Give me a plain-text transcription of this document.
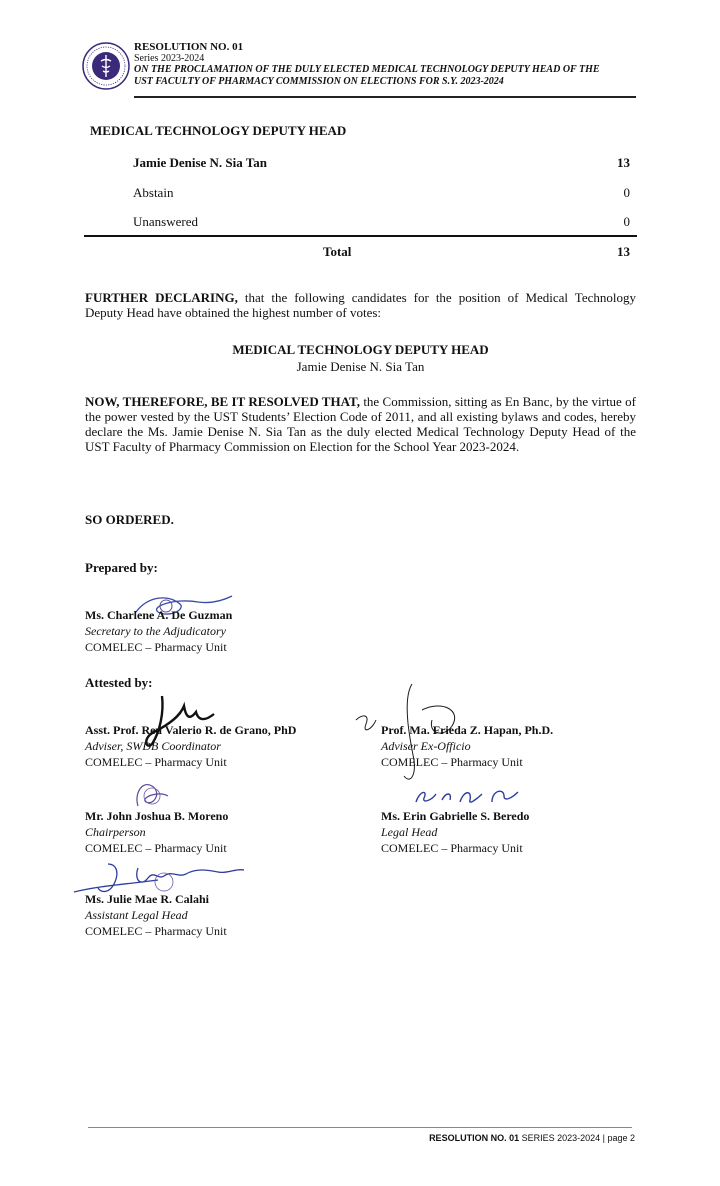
RESOLUTION NO. 01
Series 2023-2024
ON THE PROCLAMATION OF THE DULY ELECTED MEDICAL TECHNOLOGY DEPUTY HEAD OF THE
UST FACULTY OF PHARMACY COMMISSION ON ELECTIONS FOR S.Y. 2023-2024
MEDICAL TECHNOLOGY DEPUTY HEAD
Jamie Denise N. Sia Tan	13
Abstain	0
Unanswered	0
Total	13
FURTHER DECLARING, that the following candidates for the position of Medical Technology Deputy Head have obtained the highest number of votes:
MEDICAL TECHNOLOGY DEPUTY HEAD
Jamie Denise N. Sia Tan
NOW, THEREFORE, BE IT RESOLVED THAT, the Commission, sitting as En Banc, by the virtue of the power vested by the UST Students’ Election Code of 2011, and all existing bylaws and codes, hereby declare the Ms. Jamie Denise N. Sia Tan as the duly elected Medical Technology Deputy Head of the UST Faculty of Pharmacy Commission on Election for the School Year 2023-2024.
SO ORDERED.
Prepared by:
Ms. Charlene A. De Guzman
Secretary to the Adjudicatory
COMELEC – Pharmacy Unit
Attested by:
Asst. Prof. Reu Valerio R. de Grano, PhD
Adviser, SWDB Coordinator
COMELEC – Pharmacy Unit
Prof. Ma. Frieda Z. Hapan, Ph.D.
Adviser Ex-Officio
COMELEC – Pharmacy Unit
Mr. John Joshua B. Moreno
Chairperson
COMELEC – Pharmacy Unit
Ms. Erin Gabrielle S. Beredo
Legal Head
COMELEC – Pharmacy Unit
Ms. Julie Mae R. Calahi
Assistant Legal Head
COMELEC – Pharmacy Unit
RESOLUTION NO. 01 SERIES 2023-2024 | page 2
